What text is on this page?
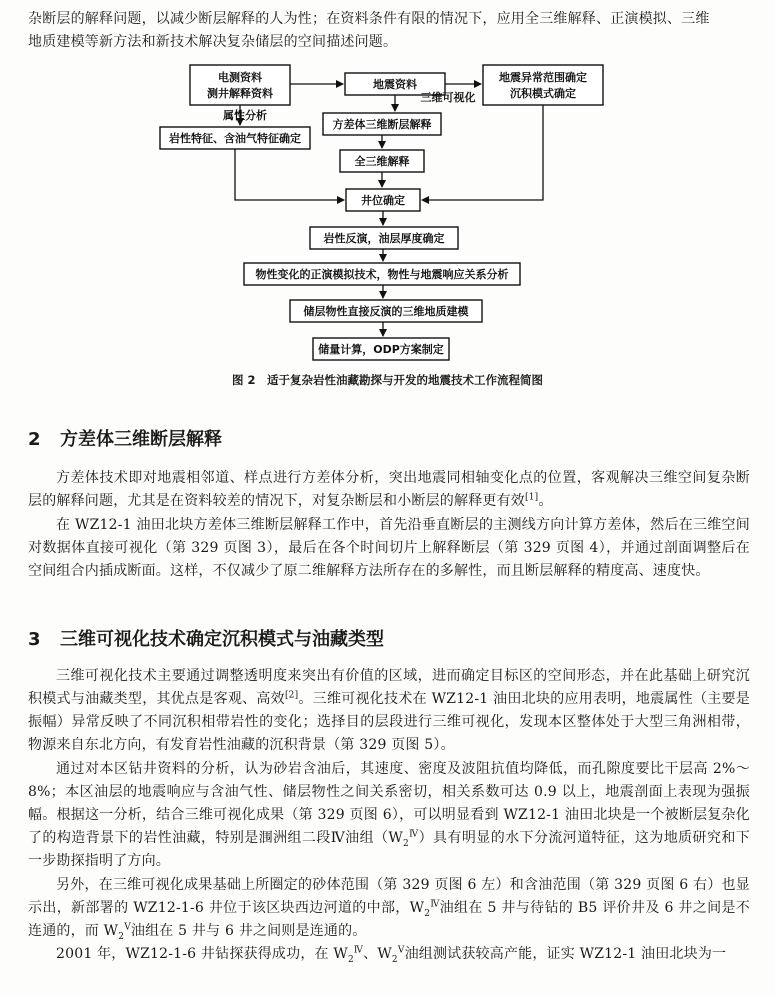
杂断层的解释问题，以减少断层解释的人为性；在资料条件有限的情况下，应用全三维解释、正演模拟、三维

地质建模等新方法和新技术解决复杂储层的空间描述问题。

电测资料
测井解释资料
地震资料
地震异常范围确定
沉积模式确定
属性分析
三维可视化
方差体三维断层解释
岩性特征、含油气特征确定
全三维解释
井位确定
岩性反演，油层厚度确定
物性变化的正演模拟技术，物性与地震响应关系分析
储层物性直接反演的三维地质建模
储量计算，ODP方案制定

图 2　适于复杂岩性油藏勘探与开发的地震技术工作流程简图

2 方差体三维断层解释

方差体技术即对地震相邻道、样点进行方差体分析，突出地震同相轴变化点的位置，客观解决三维空间复杂断层的解释问题，尤其是在资料较差的情况下，对复杂断层和小断层的解释更有效[1]。

在 WZ12-1 油田北块方差体三维断层解释工作中，首先沿垂直断层的主测线方向计算方差体，然后在三维空间对数据体直接可视化（第 329 页图 3），最后在各个时间切片上解释断层（第 329 页图 4），并通过剖面调整后在空间组合内插成断面。这样，不仅减少了原二维解释方法所存在的多解性，而且断层解释的精度高、速度快。

3 三维可视化技术确定沉积模式与油藏类型

三维可视化技术主要通过调整透明度来突出有价值的区域，进而确定目标区的空间形态，并在此基础上研究沉积模式与油藏类型，其优点是客观、高效[2]。三维可视化技术在 WZ12-1 油田北块的应用表明，地震属性（主要是振幅）异常反映了不同沉积相带岩性的变化；选择目的层段进行三维可视化，发现本区整体处于大型三角洲相带，物源来自东北方向，有发育岩性油藏的沉积背景（第 329 页图 5）。

通过对本区钻井资料的分析，认为砂岩含油后，其速度、密度及波阻抗值均降低，而孔隙度要比干层高 2%～8%；本区油层的地震响应与含油气性、储层物性之间关系密切，相关系数可达 0.9 以上，地震剖面上表现为强振幅。根据这一分析，结合三维可视化成果（第 329 页图 6），可以明显看到 WZ12-1 油田北块是一个被断层复杂化了的构造背景下的岩性油藏，特别是涠洲组二段Ⅳ油组$(W_2^Ⅳ)$具有明显的水下分流河道特征，这为地质研究和下一步勘探指明了方向。

另外，在三维可视化成果基础上所圈定的砂体范围（第 329 页图 6 左）和含油范围（第 329 页图 6 右）也显示出，新部署的 WZ12-1-6 井位于该区块西边河道的中部，$W_2^Ⅳ$油组在 5 井与待钻的 B5 评价井及 6 井之间是不连通的，而 $W_2^Ⅴ$油组在 5 井与 6 井之间则是连通的。

2001 年，WZ12-1-6 井钻探获得成功，在 $W_2^Ⅳ$、$W_2^Ⅴ$油组测试获较高产能，证实 WZ12-1 油田北块为一
